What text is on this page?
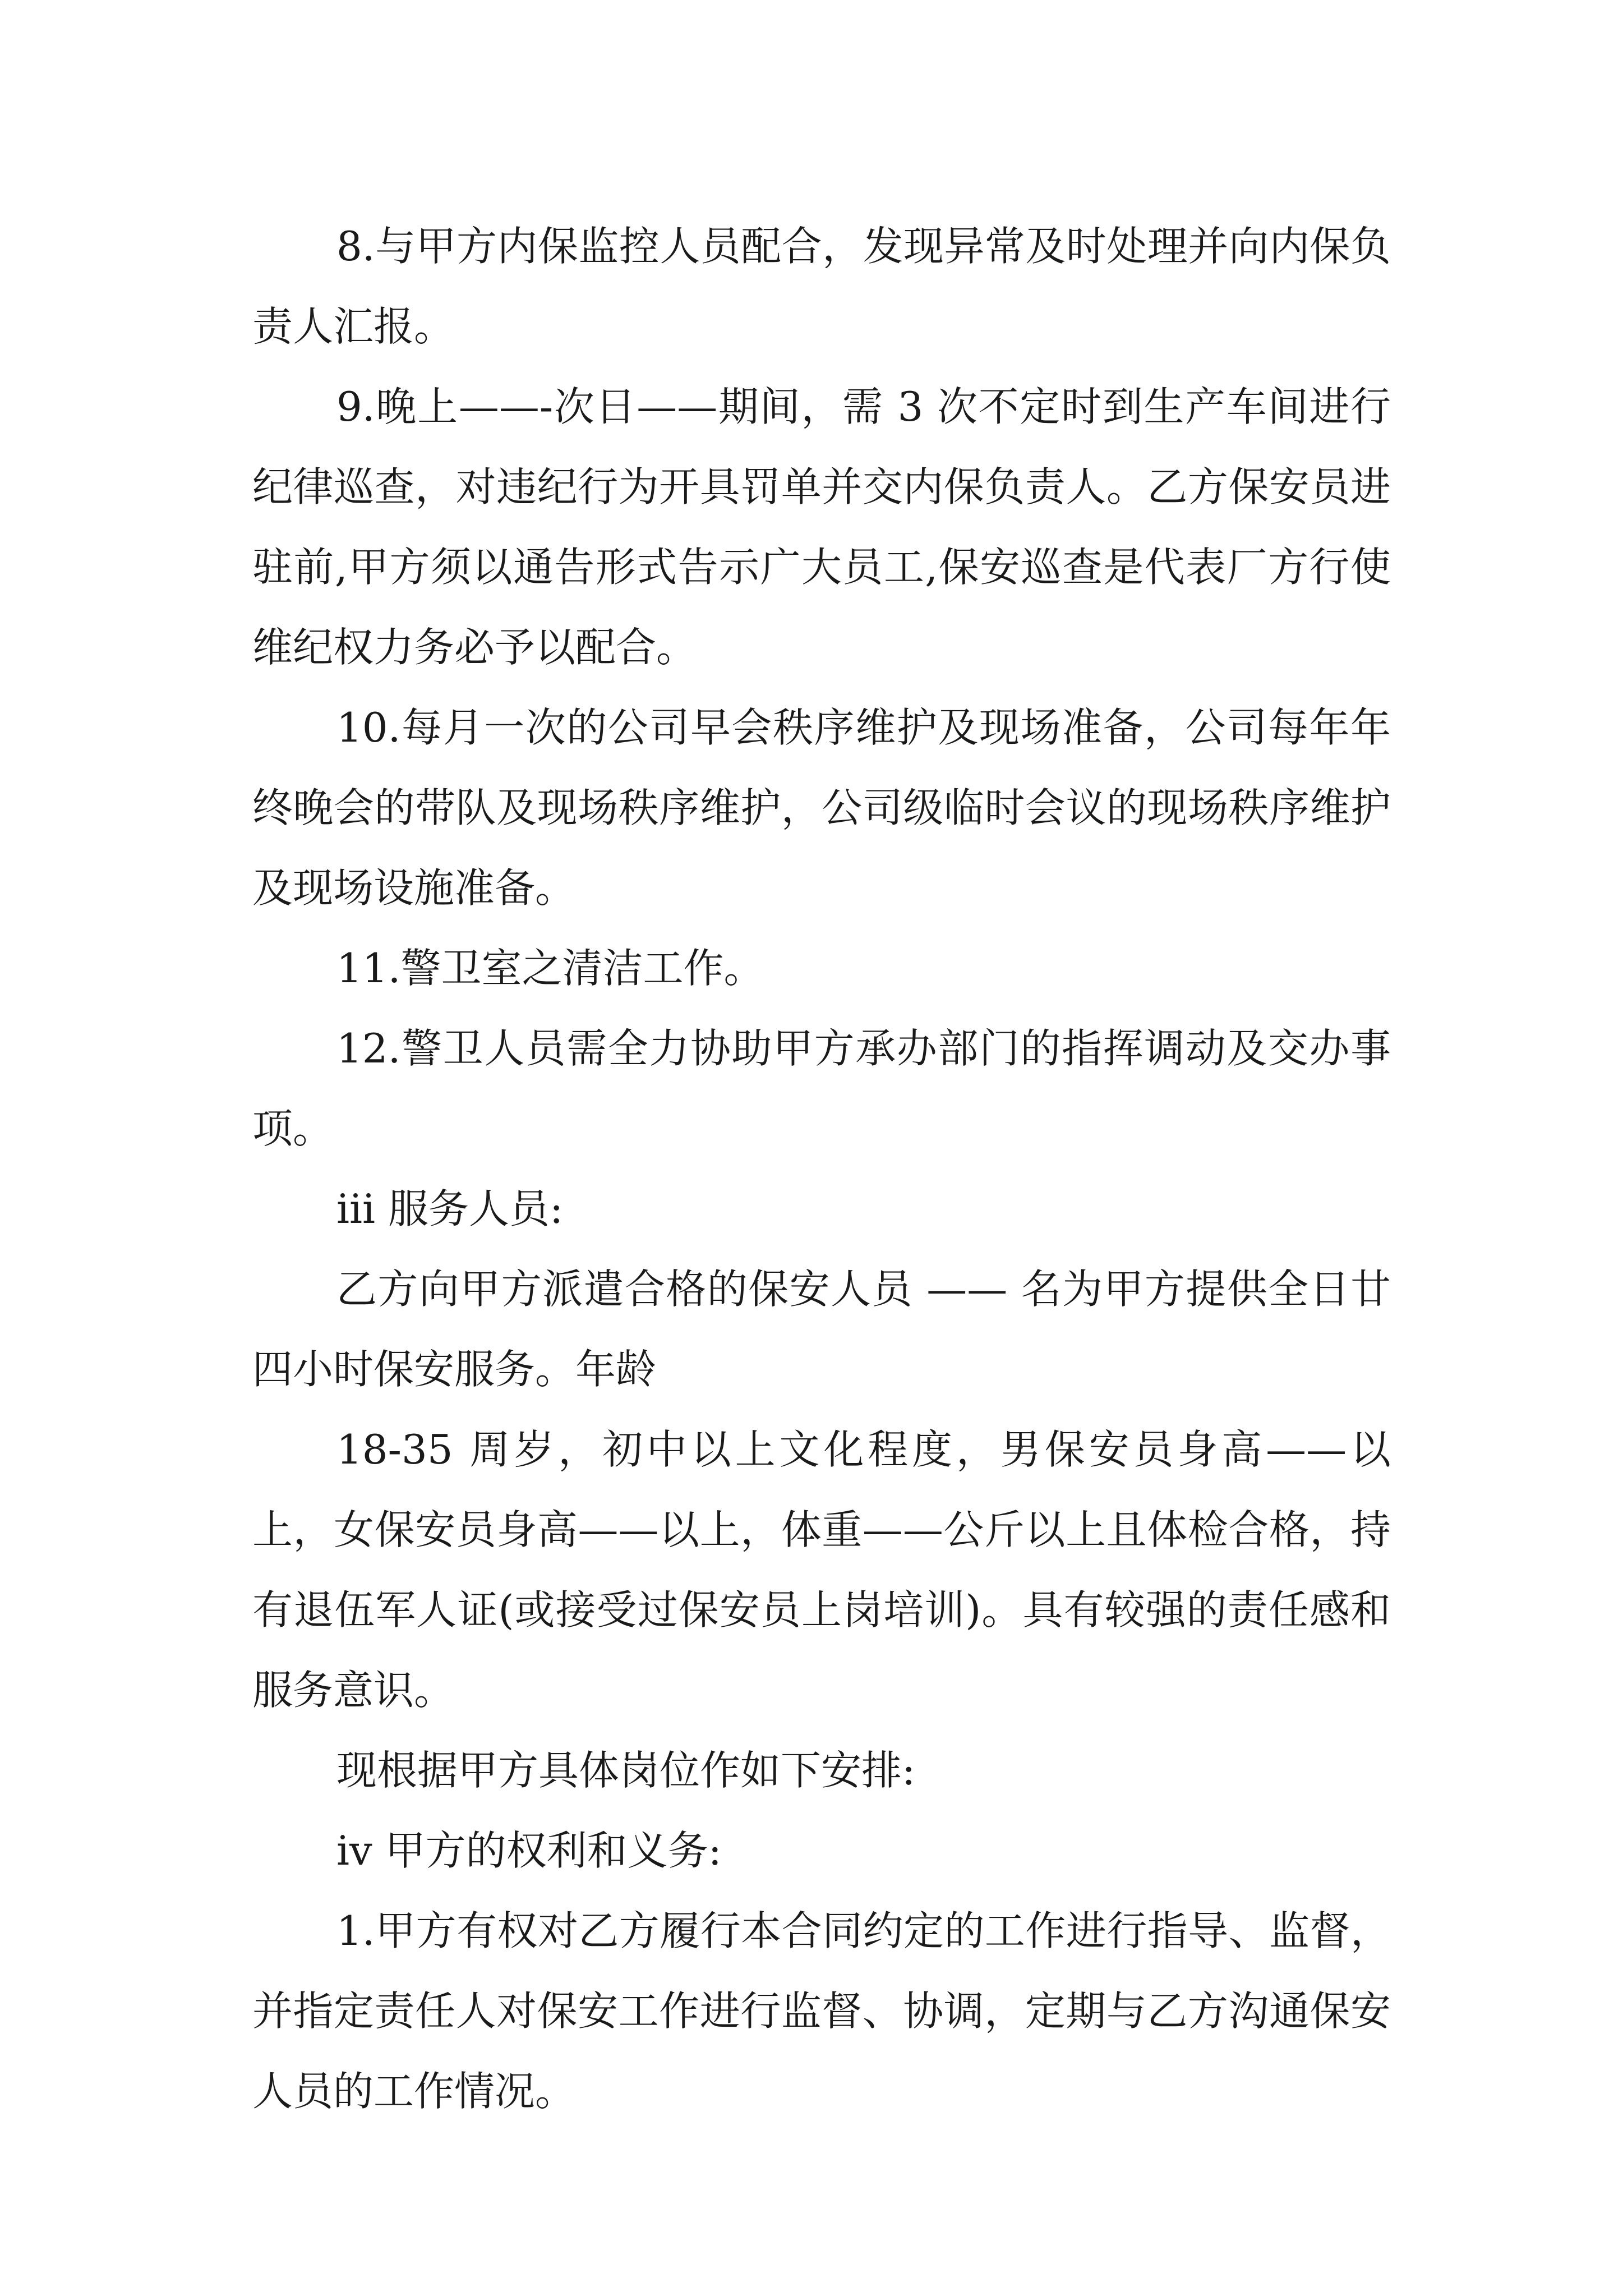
8.与甲方内保监控人员配合，发现异常及时处理并向内保负责人汇报。

9.晚上——-次日——期间，需 3 次不定时到生产车间进行纪律巡查，对违纪行为开具罚单并交内保负责人。乙方保安员进驻前,甲方须以通告形式告示广大员工,保安巡查是代表厂方行使维纪权力务必予以配合。

10.每月一次的公司早会秩序维护及现场准备，公司每年年终晚会的带队及现场秩序维护，公司级临时会议的现场秩序维护及现场设施准备。

11.警卫室之清洁工作。

12.警卫人员需全力协助甲方承办部门的指挥调动及交办事项。

iii 服务人员:

乙方向甲方派遣合格的保安人员 —— 名为甲方提供全日廿四小时保安服务。年龄

18-35 周岁，初中以上文化程度，男保安员身高——以上，女保安员身高——以上，体重——公斤以上且体检合格，持有退伍军人证(或接受过保安员上岗培训)。具有较强的责任感和服务意识。

现根据甲方具体岗位作如下安排:

iv 甲方的权利和义务:

1.甲方有权对乙方履行本合同约定的工作进行指导、监督，并指定责任人对保安工作进行监督、协调，定期与乙方沟通保安人员的工作情况。
